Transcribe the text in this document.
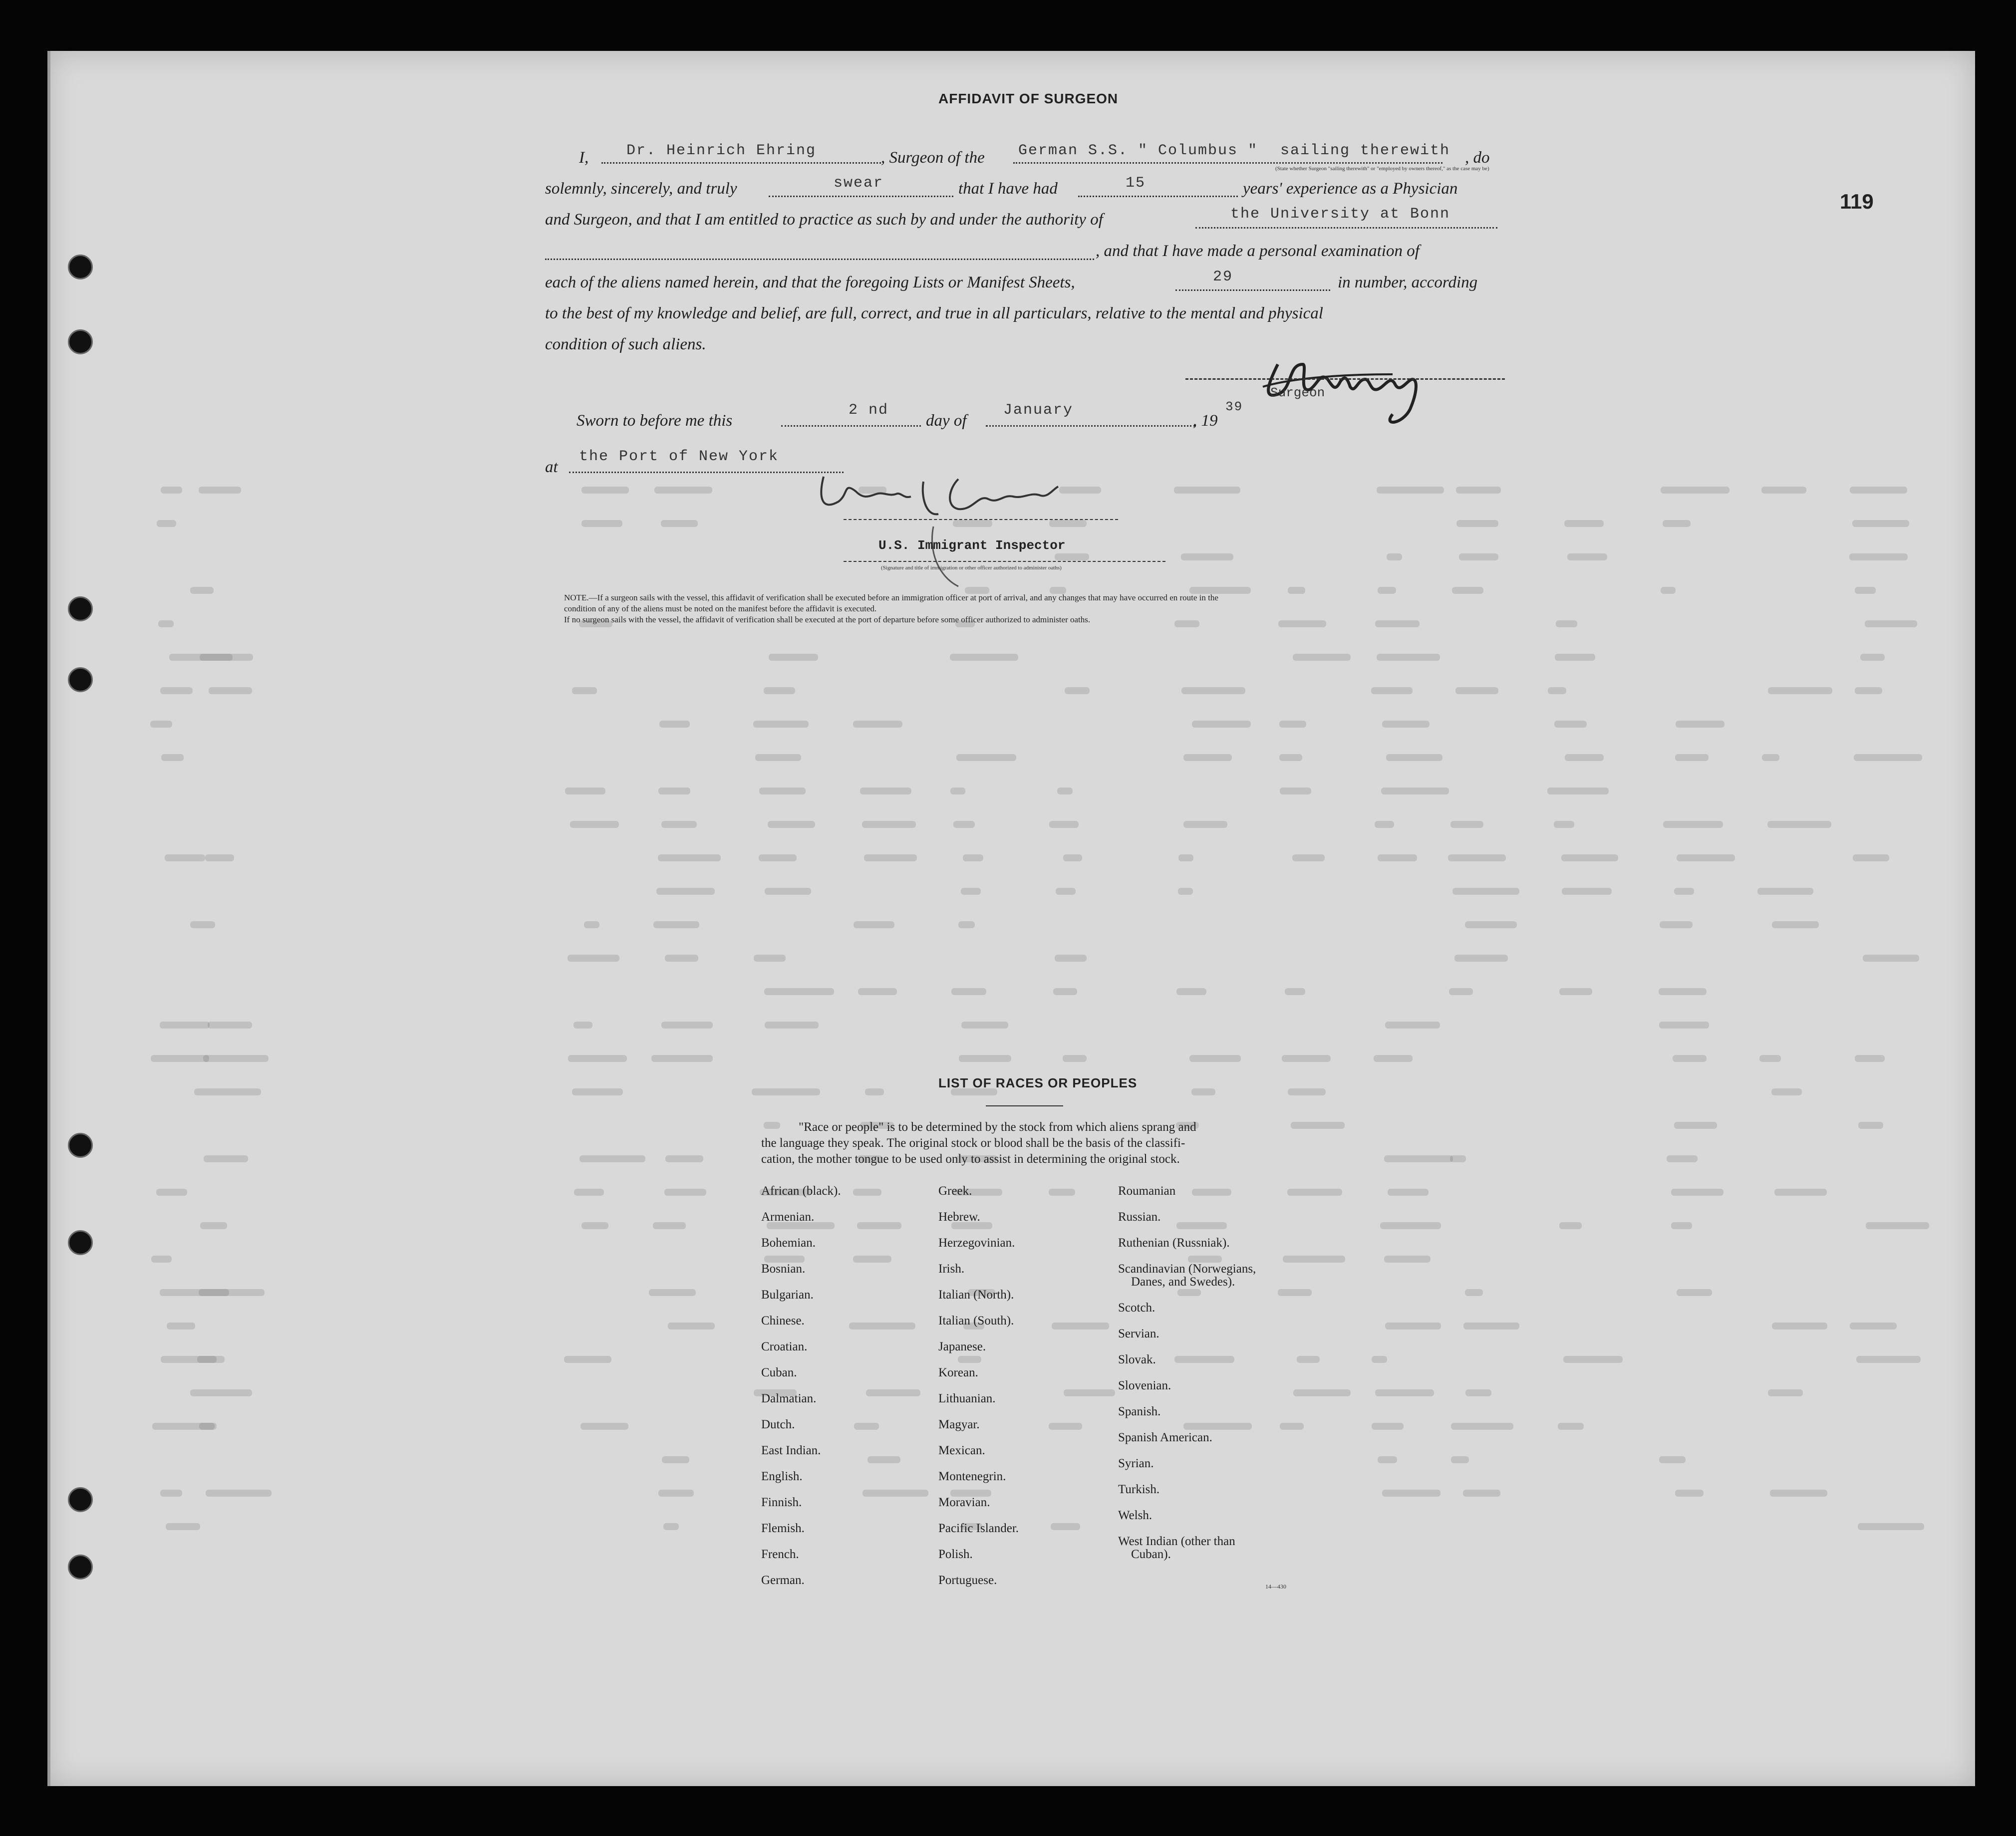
119
AFFIDAVIT OF SURGEON
I,	Dr. Heinrich Ehring	, Surgeon of the German S.S. " Columbus " sailing therewith , do
(State whether Surgeon "sailing therewith" or "employed by owners thereof," as the case may be)
solemnly, sincerely, and truly	swear	that I have had	15	years' experience as a Physician
and Surgeon, and that I am entitled to practice as such by and under the authority of	the University at Bonn
, and that I have made a personal examination of
each of the aliens named herein, and that the foregoing Lists or Manifest Sheets,	29	in number, according
to the best of my knowledge and belief, are full, correct, and true in all particulars, relative to the mental and physical
condition of such aliens.
Surgeon
Sworn to before me this
2 nd
day of
January
, 19
39
at
the Port of New York
U.S. Immigrant Inspector
(Signature and title of immigration or other officer authorized to administer oaths)
NOTE.—If a surgeon sails with the vessel, this affidavit of verification shall be executed before an immigration officer at port of arrival, and any changes that may have occurred en route in the
condition of any of the aliens must be noted on the manifest before the affidavit is executed.
If no surgeon sails with the vessel, the affidavit of verification shall be executed at the port of departure before some officer authorized to administer oaths.
LIST OF RACES OR PEOPLES
"Race or people" is to be determined by the stock from which aliens sprang and
the language they speak. The original stock or blood shall be the basis of the classifi-
cation, the mother tongue to be used only to assist in determining the original stock.
African (black).
Armenian.
Bohemian.
Bosnian.
Bulgarian.
Chinese.
Croatian.
Cuban.
Dalmatian.
Dutch.
East Indian.
English.
Finnish.
Flemish.
French.
German.
Greek.
Hebrew.
Herzegovinian.
Irish.
Italian (North).
Italian (South).
Japanese.
Korean.
Lithuanian.
Magyar.
Mexican.
Montenegrin.
Moravian.
Pacific Islander.
Polish.
Portuguese.
Roumanian
Russian.
Ruthenian (Russniak).
Scandinavian (Norwegians,
Danes, and Swedes).
Scotch.
Servian.
Slovak.
Slovenian.
Spanish.
Spanish American.
Syrian.
Turkish.
Welsh.
West Indian (other than
Cuban).
14—430
